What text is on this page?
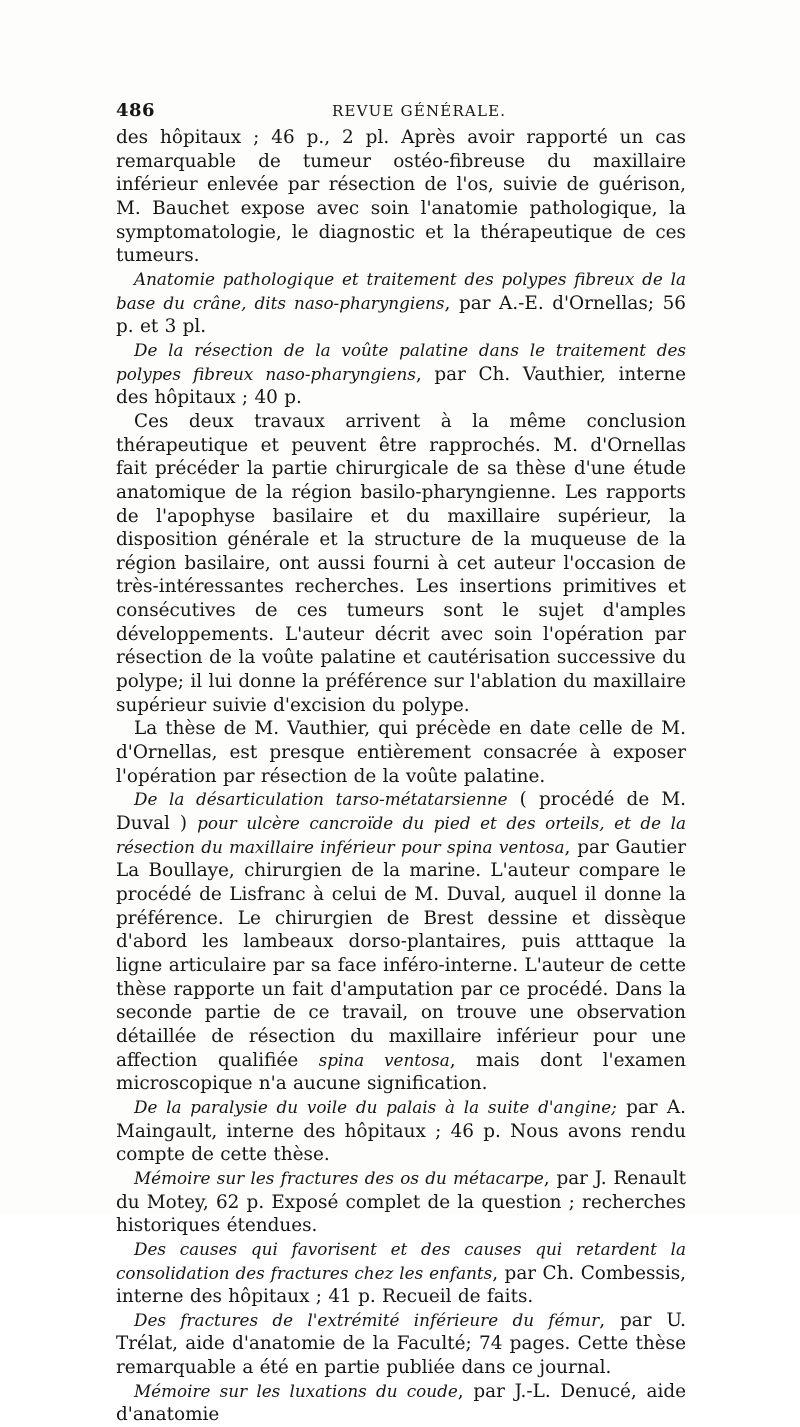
486	REVUE GÉNÉRALE.

des hôpitaux ; 46 p., 2 pl. Après avoir rapporté un cas remarquable de tumeur ostéo-fibreuse du maxillaire inférieur enlevée par résection de l'os, suivie de guérison, M. Bauchet expose avec soin l'anatomie pathologique, la symptomatologie, le diagnostic et la thérapeutique de ces tumeurs.

Anatomie pathologique et traitement des polypes fibreux de la base du crâne, dits naso-pharyngiens, par A.-E. d'Ornellas; 56 p. et 3 pl.

De la résection de la voûte palatine dans le traitement des polypes fibreux naso-pharyngiens, par Ch. Vauthier, interne des hôpitaux ; 40 p.

Ces deux travaux arrivent à la même conclusion thérapeutique et peuvent être rapprochés. M. d'Ornellas fait précéder la partie chirurgicale de sa thèse d'une étude anatomique de la région basilo-pharyngienne. Les rapports de l'apophyse basilaire et du maxillaire supérieur, la disposition générale et la structure de la muqueuse de la région basilaire, ont aussi fourni à cet auteur l'occasion de très-intéressantes recherches. Les insertions primitives et consécutives de ces tumeurs sont le sujet d'amples développements. L'auteur décrit avec soin l'opération par résection de la voûte palatine et cautérisation successive du polype; il lui donne la préférence sur l'ablation du maxillaire supérieur suivie d'excision du polype.

La thèse de M. Vauthier, qui précède en date celle de M. d'Ornellas, est presque entièrement consacrée à exposer l'opération par résection de la voûte palatine.

De la désarticulation tarso-métatarsienne ( procédé de M. Duval ) pour ulcère cancroïde du pied et des orteils, et de la résection du maxillaire inférieur pour spina ventosa, par Gautier La Boullaye, chirurgien de la marine. L'auteur compare le procédé de Lisfranc à celui de M. Duval, auquel il donne la préférence. Le chirurgien de Brest dessine et dissèque d'abord les lambeaux dorso-plantaires, puis atttaque la ligne articulaire par sa face inféro-interne. L'auteur de cette thèse rapporte un fait d'amputation par ce procédé. Dans la seconde partie de ce travail, on trouve une observation détaillée de résection du maxillaire inférieur pour une affection qualifiée spina ventosa, mais dont l'examen microscopique n'a aucune signification.

De la paralysie du voile du palais à la suite d'angine; par A. Maingault, interne des hôpitaux ; 46 p. Nous avons rendu compte de cette thèse.

Mémoire sur les fractures des os du métacarpe, par J. Renault du Motey, 62 p. Exposé complet de la question ; recherches historiques étendues.

Des causes qui favorisent et des causes qui retardent la consolidation des fractures chez les enfants, par Ch. Combessis, interne des hôpitaux ; 41 p. Recueil de faits.

Des fractures de l'extrémité inférieure du fémur, par U. Trélat, aide d'anatomie de la Faculté; 74 pages. Cette thèse remarquable a été en partie publiée dans ce journal.

Mémoire sur les luxations du coude, par J.-L. Denucé, aide d'anatomie
